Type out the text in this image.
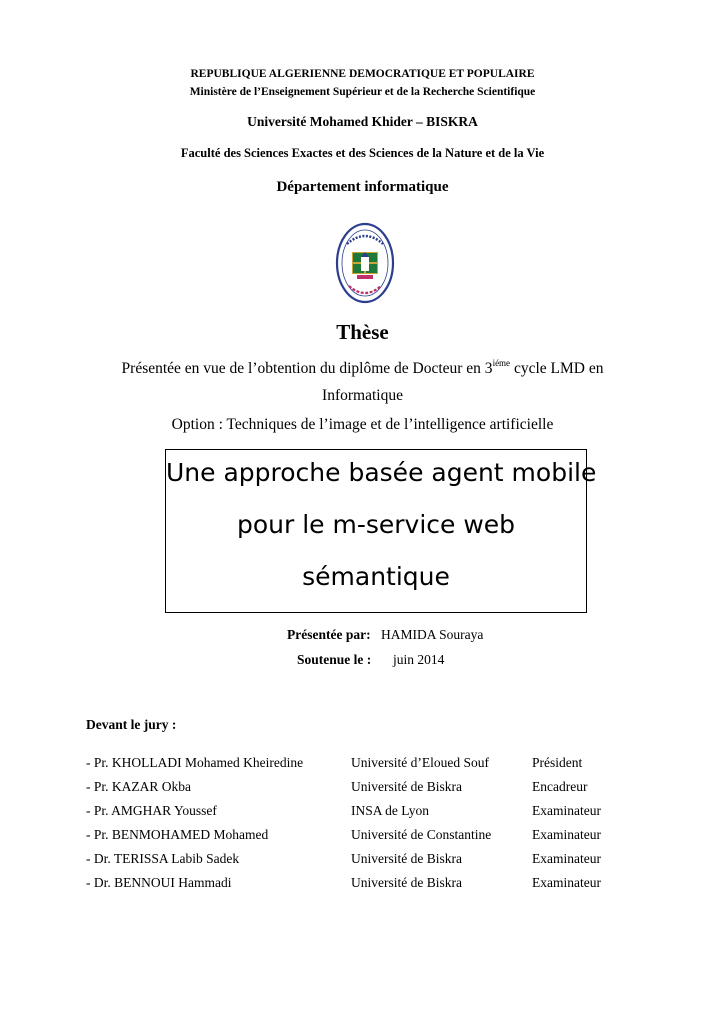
REPUBLIQUE ALGERIENNE DEMOCRATIQUE ET POPULAIRE
Ministère de l’Enseignement Supérieur et de la Recherche Scientifique
Université Mohamed Khider – BISKRA
Faculté des Sciences Exactes et des Sciences de la Nature et de la Vie
Département informatique
Thèse
Présentée en vue de l’obtention du diplôme de Docteur en $3^{iéme}$ cycle LMD en
Informatique
Option : Techniques de l’image et de l’intelligence artificielle
Une approche basée agent mobile
pour le m-service web
sémantique
Présentée par: HAMIDA Souraya
Soutenue le : juin 2014
Devant le jury :
- Pr. KHOLLADI Mohamed Kheiredine	Université d’Eloued Souf	Président
- Pr. KAZAR Okba	Université de Biskra	Encadreur
- Pr. AMGHAR Youssef	INSA de Lyon	Examinateur
- Pr. BENMOHAMED Mohamed	Université de Constantine	Examinateur
- Dr. TERISSA Labib Sadek	Université de Biskra	Examinateur
- Dr. BENNOUI Hammadi	Université de Biskra	Examinateur
